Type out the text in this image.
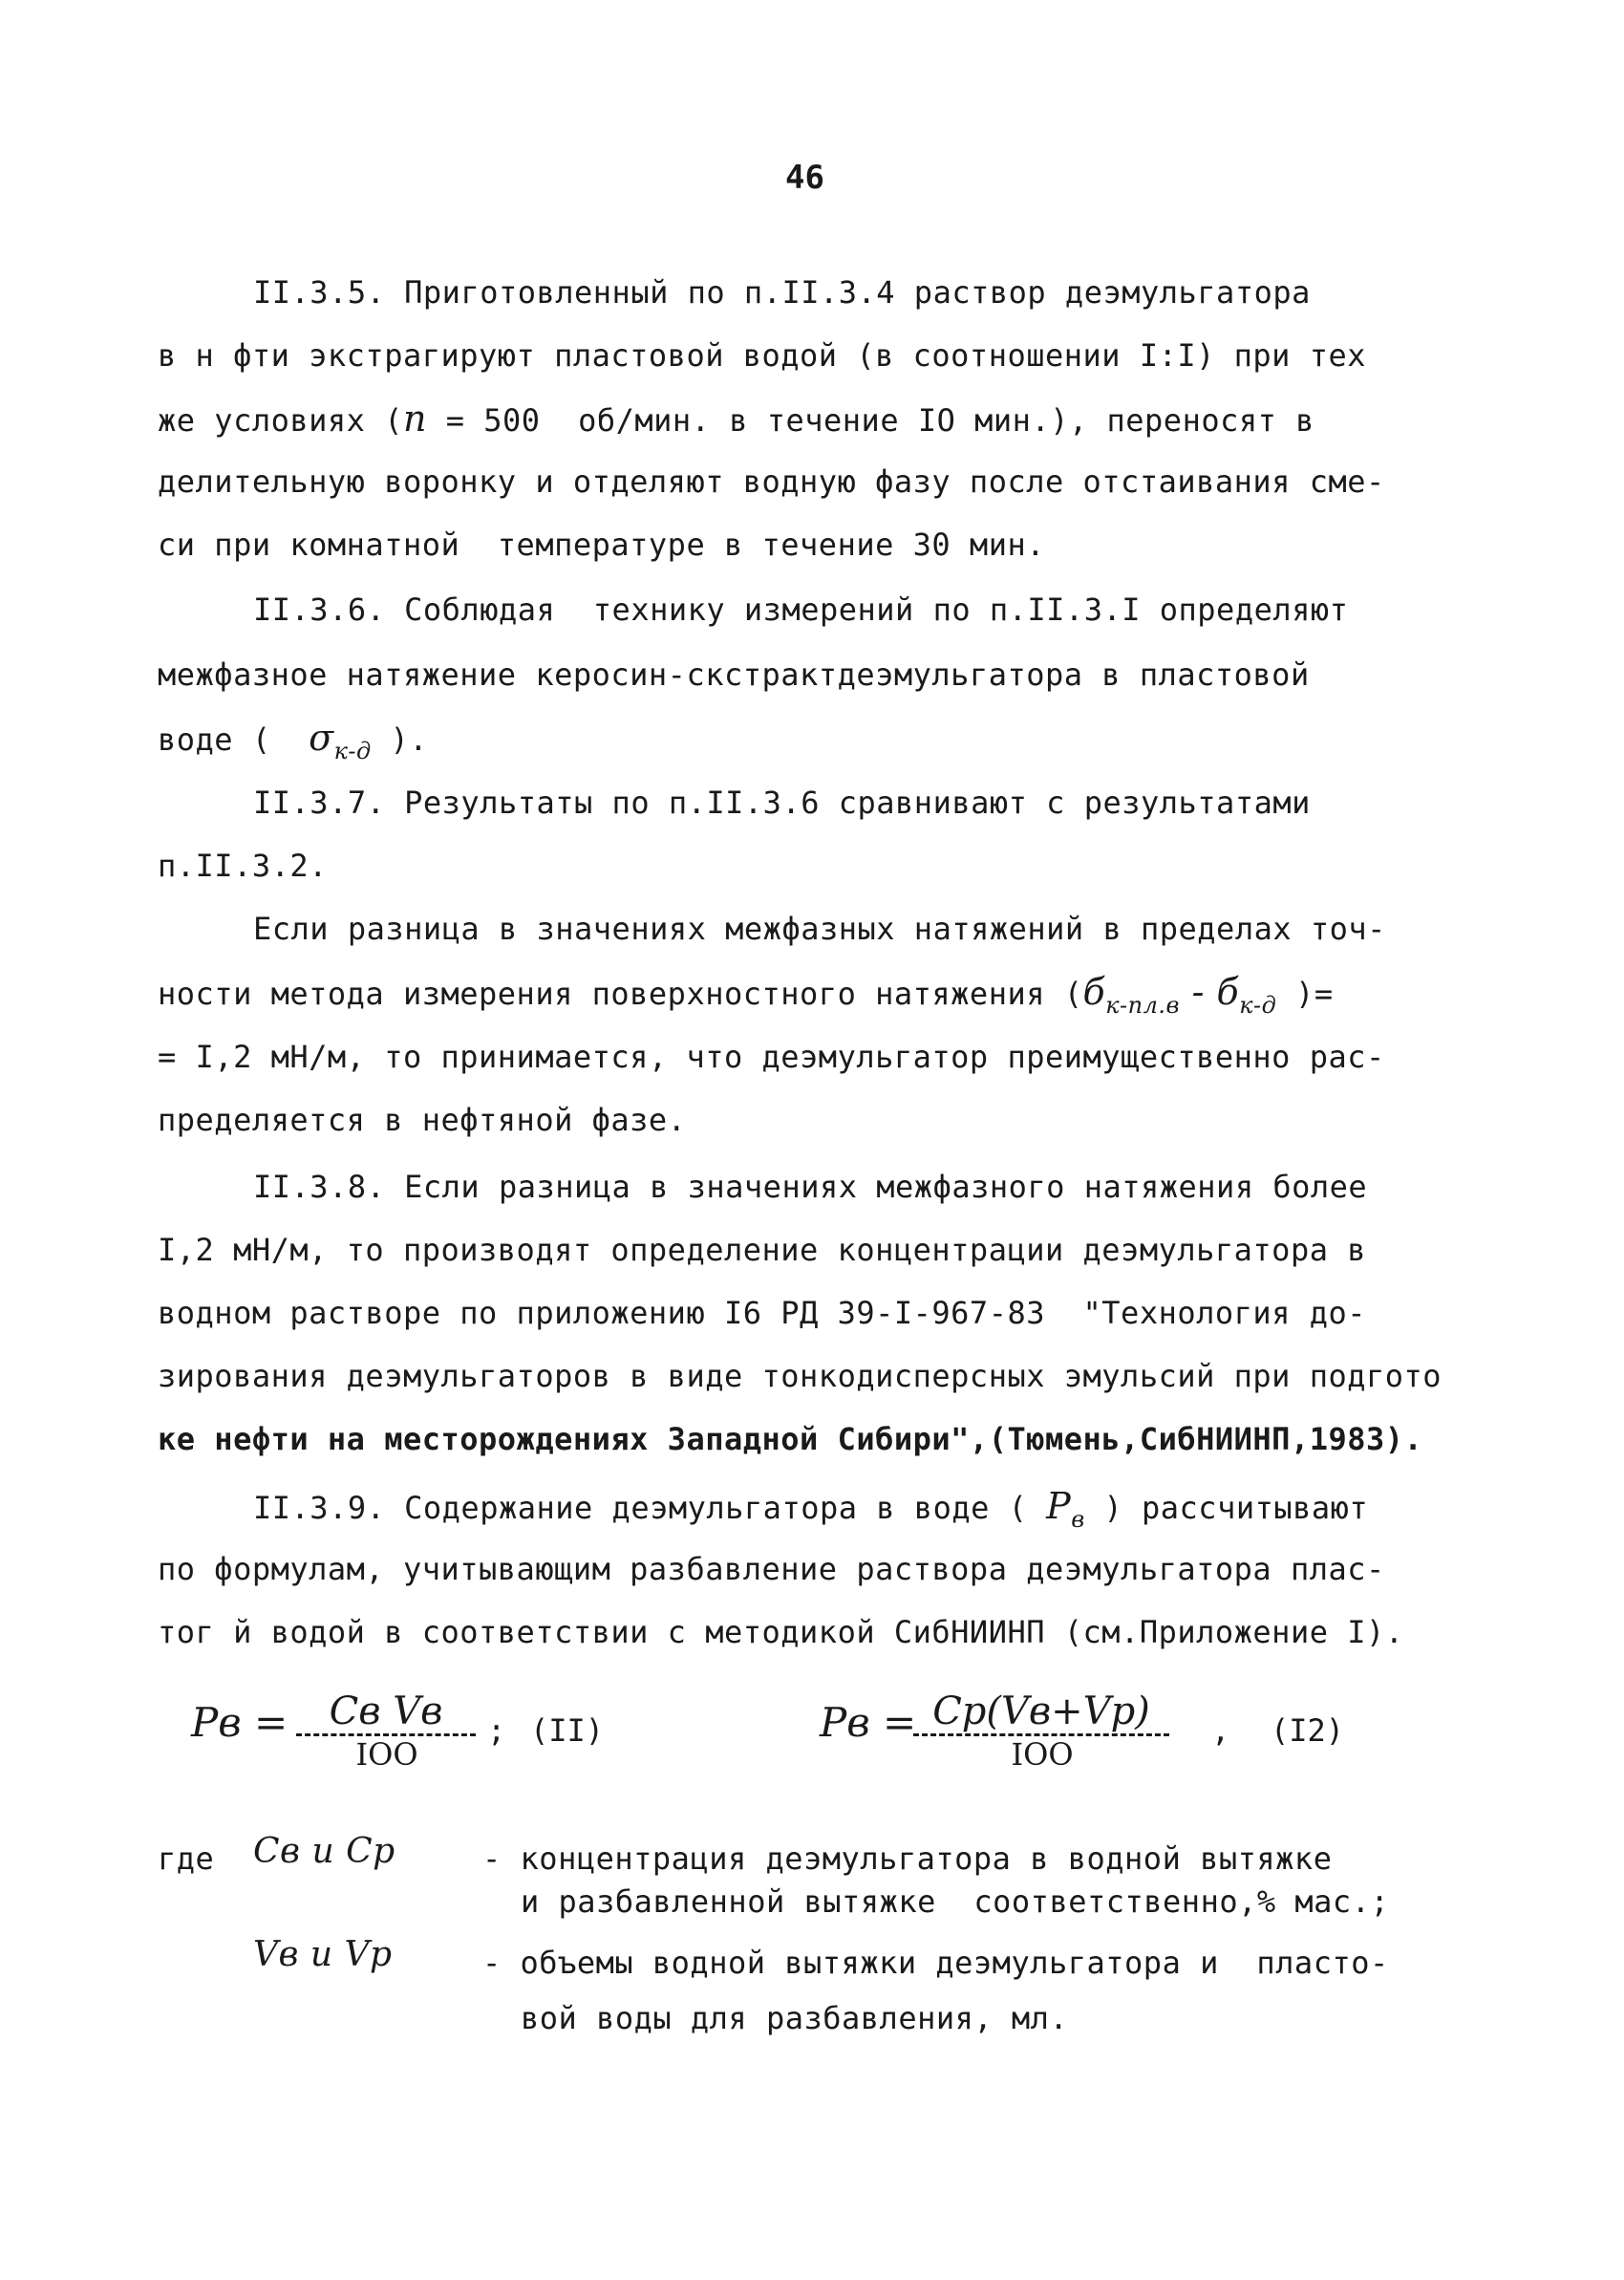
46
II.3.5. Приготовленный по п.II.3.4 раствор деэмульгатора
в н фти экстрагируют пластовой водой (в соотношении I:I) при тех
же условиях (n = 500  об/мин. в течение IO мин.), переносят в
делительную воронку и отделяют водную фазу после отстаивания сме-
си при комнатной  температуре в течение 30 мин.
II.3.6. Соблюдая  технику измерений по п.II.3.I определяют
межфазное натяжение керосин-скстрактдеэмульгатора в пластовой
воде (  $\sigma_{к-д}$ ).
II.3.7. Результаты по п.II.3.6 сравнивают с результатами
п.II.3.2.
Если разница в значениях межфазных натяжений в пределах точ-
ности метода измерения поверхностного натяжения ($б_{к-пл.в} - б_{к-д}$ )=
= I,2 мН/м, то принимается, что деэмульгатор преимущественно рас-
пределяется в нефтяной фазе.
II.3.8. Если разница в значениях межфазного натяжения более
I,2 мН/м, то производят определение концентрации деэмульгатора в
водном растворе по приложению I6 РД 39-I-967-83  "Технология до-
зирования деэмульгаторов в виде тонкодисперсных эмульсий при подгото
ке нефти на месторождениях Западной Сибири",(Тюмень,СибНИИНП,1983).
II.3.9. Содержание деэмульгатора в воде ( $P_в$ ) рассчитывают
по формулам, учитывающим разбавление раствора деэмульгатора плас-
тог й водой в соответствии с методикой СибНИИНП (см.Приложение I).
Pв =	Cв Vв
IOO
; (II)	Pв = Cр(Vв+Vр)
IOO
, (I2)
где	Cв и Cр	- концентрация деэмульгатора в водной вытяжке
и разбавленной вытяжке  соответственно,% мас.;
Vв и Vр	- объемы водной вытяжки деэмульгатора и  пласто-
вой воды для разбавления, мл.
